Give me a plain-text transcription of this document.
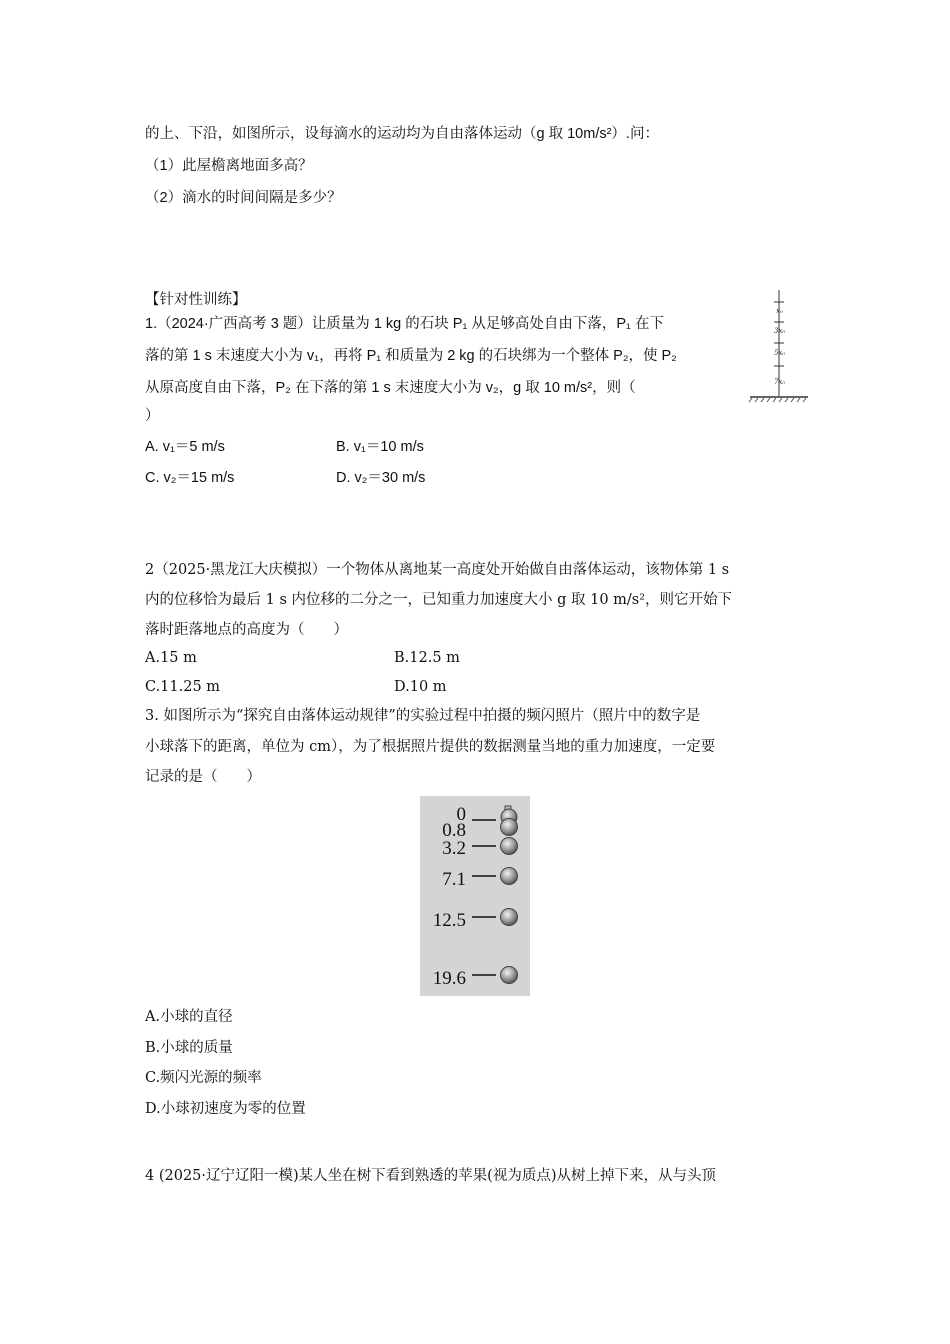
的上、下沿，如图所示，设每滴水的运动均为自由落体运动（g 取 10m/s²）.问：
（1）此屋檐离地面多高？
（2）滴水的时间间隔是多少？
【针对性训练】
1.（2024·广西高考 3 题）让质量为 1 kg 的石块 P₁ 从足够高处自由下落，P₁ 在下
落的第 1 s 末速度大小为 v₁，再将 P₁ 和质量为 2 kg 的石块绑为一个整体 P₂，使 P₂
从原高度自由下落，P₂ 在下落的第 1 s 末速度大小为 v₂，g 取 10 m/s²，则（
）
x₀
3x₀
5x₀
7x₀
A. v₁＝5 m/s	B. v₁＝10 m/s
C. v₂＝15 m/s	D. v₂＝30 m/s
2（2025·黑龙江大庆模拟）一个物体从离地某一高度处开始做自由落体运动，该物体第 1 s
内的位移恰为最后 1 s 内位移的二分之一，已知重力加速度大小 g 取 10 m/s²，则它开始下
落时距落地点的高度为（　　）
A.15 m	B.12.5 m
C.11.25 m	D.10 m
3. 如图所示为“探究自由落体运动规律”的实验过程中拍摄的频闪照片（照片中的数字是
小球落下的距离，单位为 cm），为了根据照片提供的数据测量当地的重力加速度，一定要
记录的是（　　）
0
0.8
3.2
7.1
12.5
19.6
A.小球的直径
B.小球的质量
C.频闪光源的频率
D.小球初速度为零的位置
4 (2025·辽宁辽阳一模)某人坐在树下看到熟透的苹果(视为质点)从树上掉下来，从与头顶
